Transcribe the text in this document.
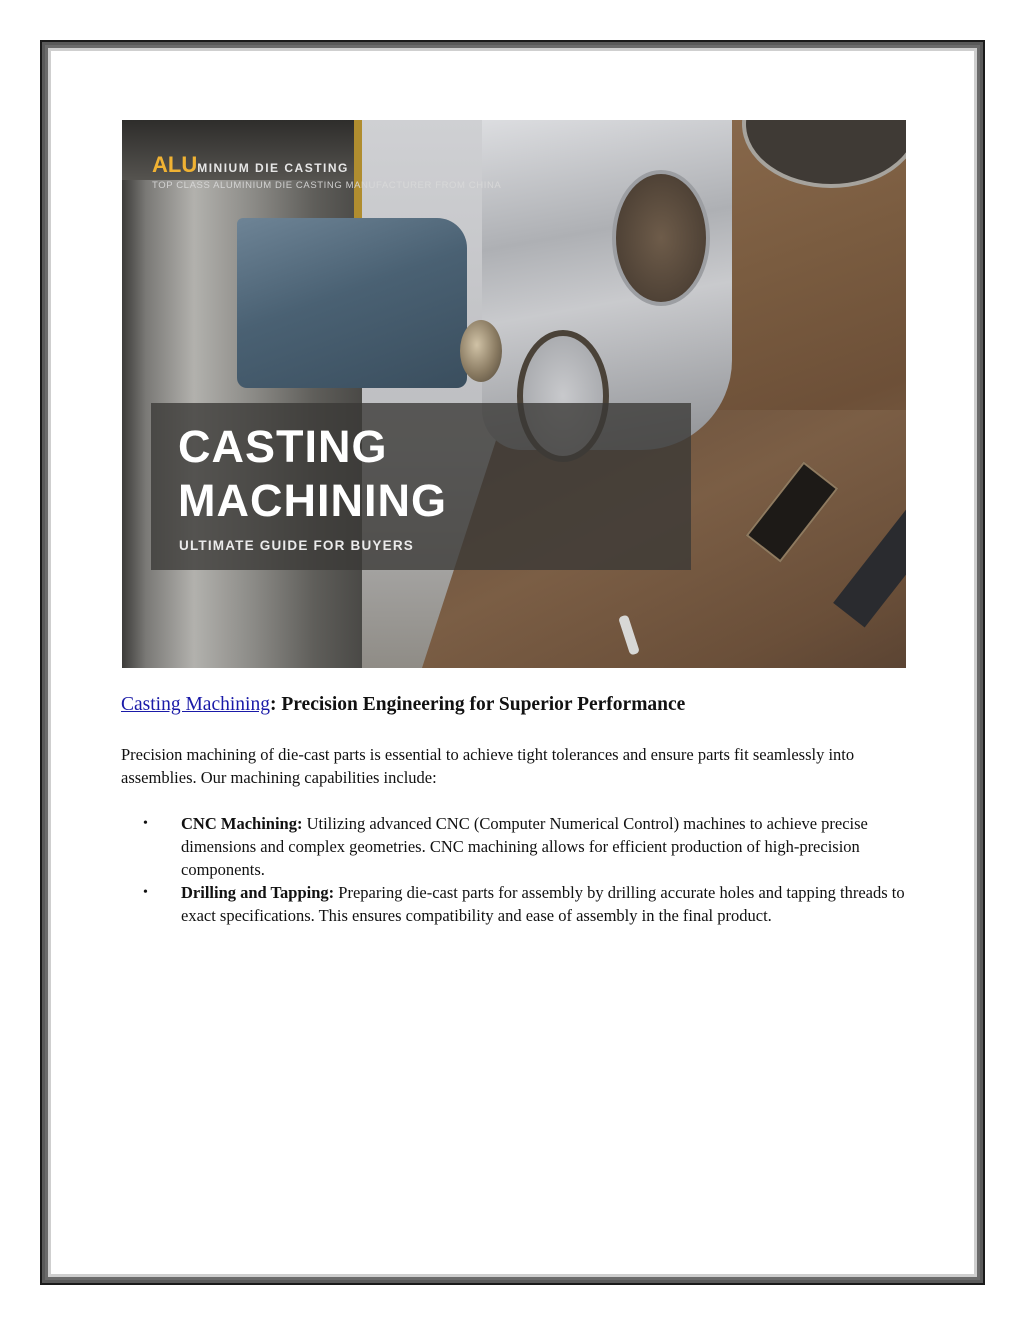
ALUMINIUM DIE CASTING
TOP CLASS ALUMINIUM DIE CASTING MANUFACTURER FROM CHINA
CASTING
MACHINING
ULTIMATE GUIDE FOR BUYERS
Casting Machining: Precision Engineering for Superior Performance
Precision machining of die-cast parts is essential to achieve tight tolerances and ensure parts fit seamlessly into assemblies. Our machining capabilities include:
• CNC Machining: Utilizing advanced CNC (Computer Numerical Control) machines to achieve precise dimensions and complex geometries. CNC machining allows for efficient production of high-precision components.
• Drilling and Tapping: Preparing die-cast parts for assembly by drilling accurate holes and tapping threads to exact specifications. This ensures compatibility and ease of assembly in the final product.
